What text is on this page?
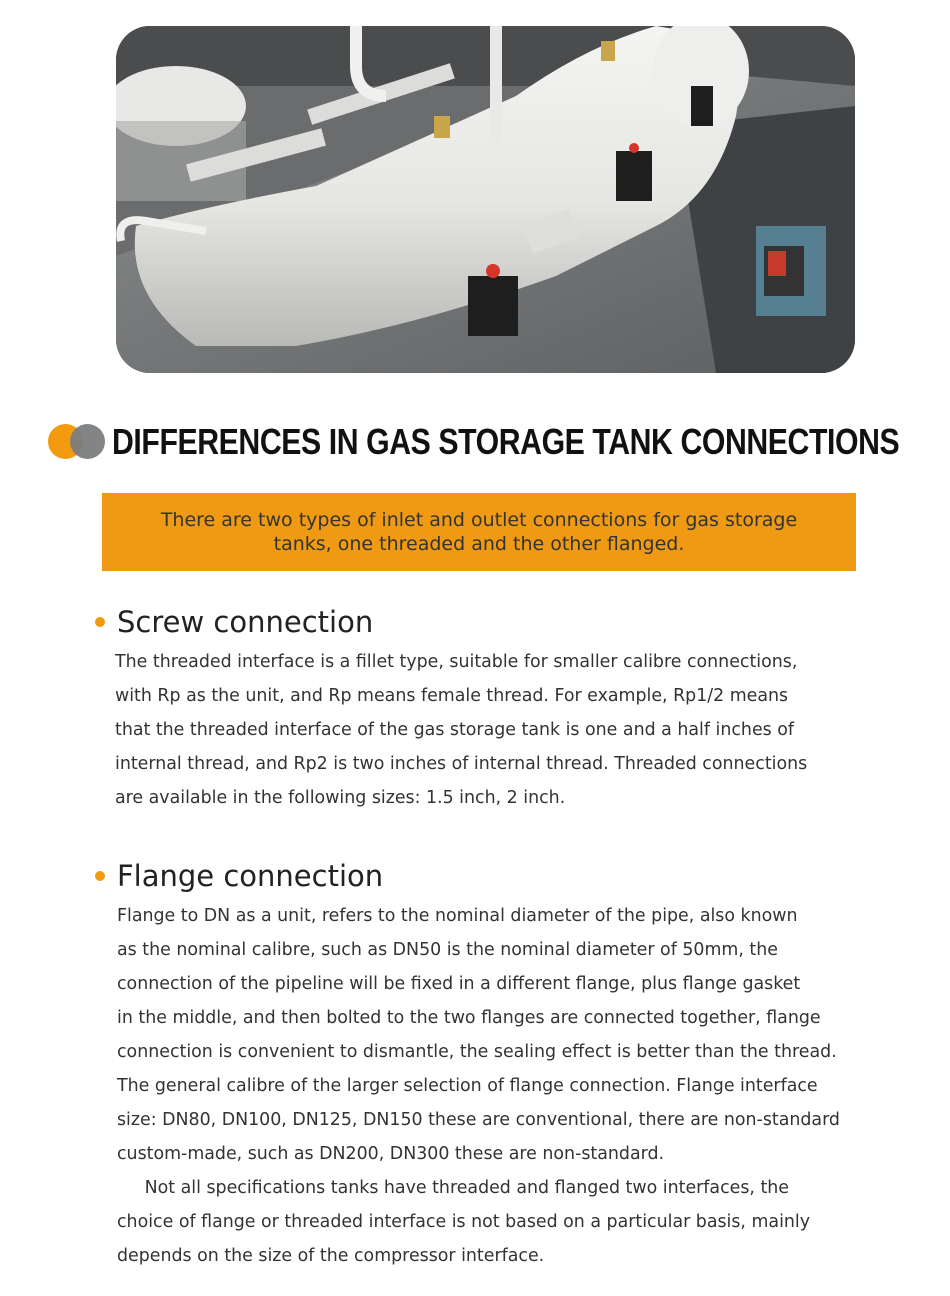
DIFFERENCES IN GAS STORAGE TANK CONNECTIONS
There are two types of inlet and outlet connections for gas storage
tanks, one threaded and the other flanged.
Screw connection

The threaded interface is a fillet type, suitable for smaller calibre connections,
with Rp as the unit, and Rp means female thread. For example, Rp1/2 means
that the threaded interface of the gas storage tank is one and a half inches of
internal thread, and Rp2 is two inches of internal thread. Threaded connections
are available in the following sizes: 1.5 inch, 2 inch.

Flange connection

Flange to DN as a unit, refers to the nominal diameter of the pipe, also known
as the nominal calibre, such as DN50 is the nominal diameter of 50mm, the
connection of the pipeline will be fixed in a different flange, plus flange gasket
in the middle, and then bolted to the two flanges are connected together, flange
connection is convenient to dismantle, the sealing effect is better than the thread.
The general calibre of the larger selection of flange connection. Flange interface
size: DN80, DN100, DN125, DN150 these are conventional, there are non-standard
custom-made, such as DN200, DN300 these are non-standard.
Not all specifications tanks have threaded and flanged two interfaces, the
choice of flange or threaded interface is not based on a particular basis, mainly
depends on the size of the compressor interface.
